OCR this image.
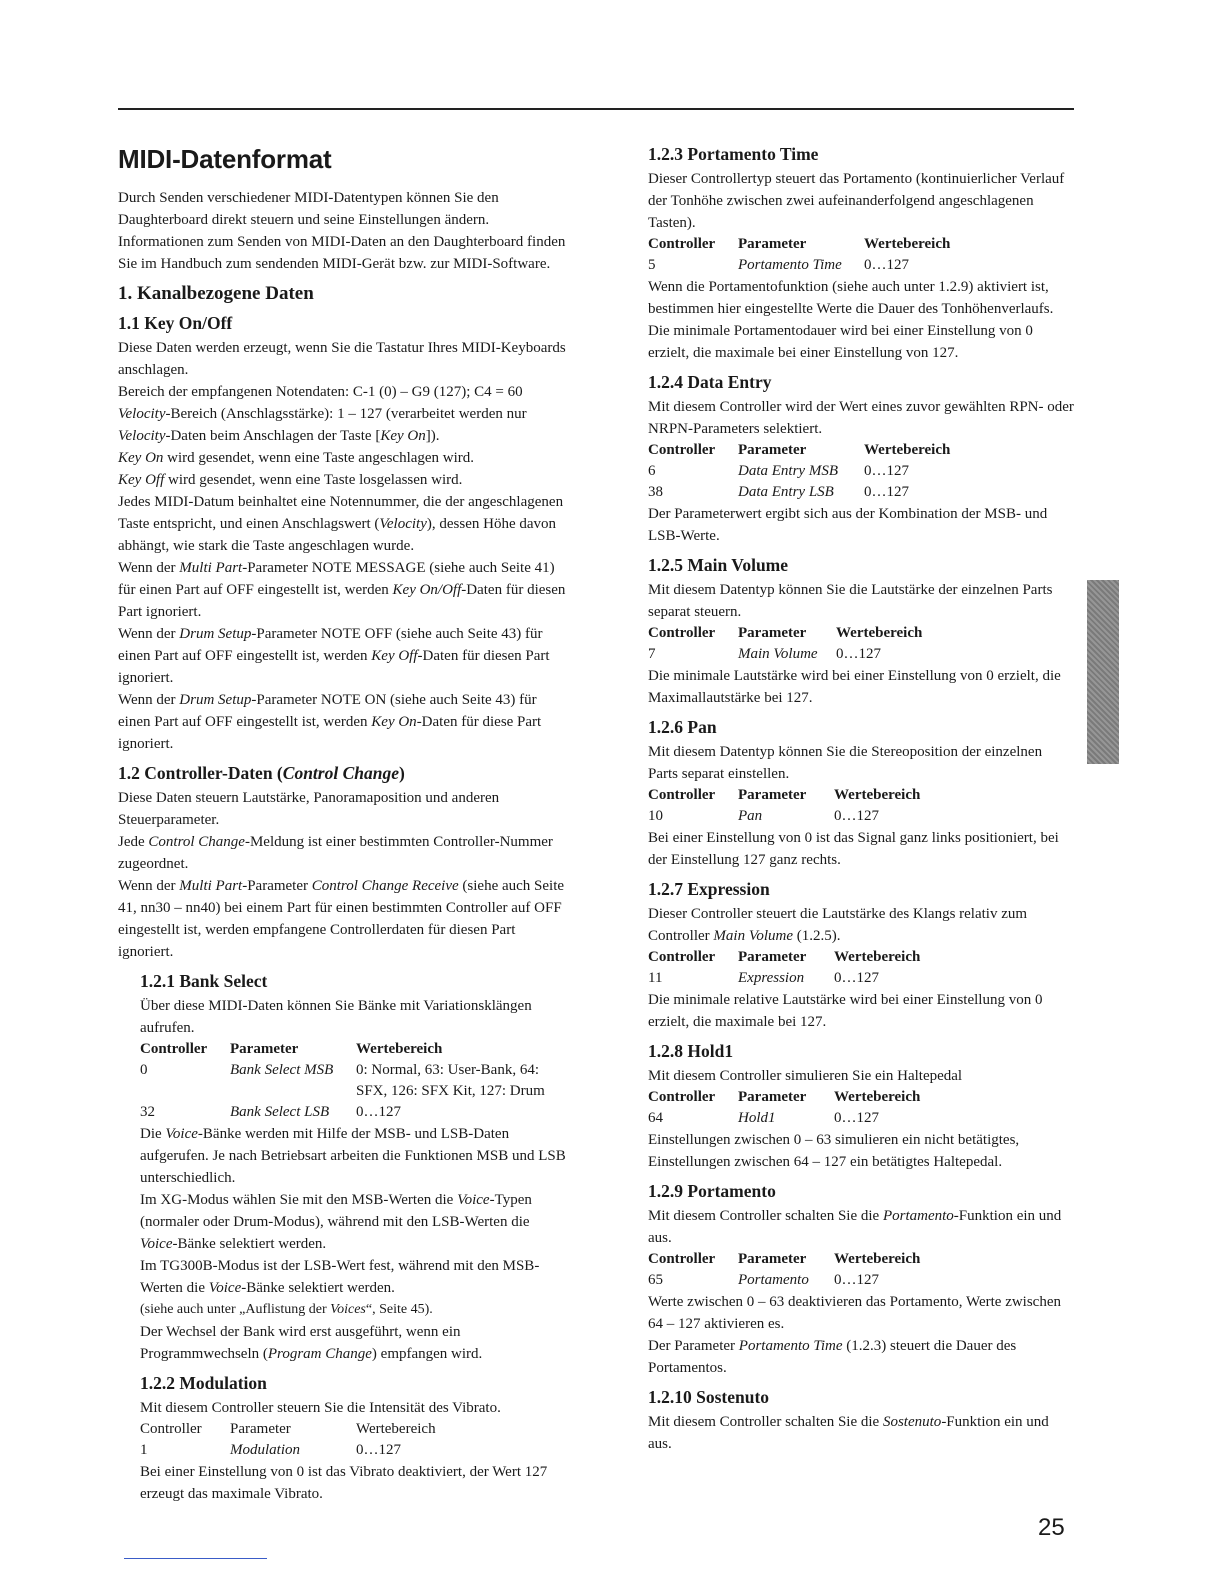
MIDI-Datenformat

Durch Senden verschiedener MIDI-Datentypen können Sie den Daughterboard direkt steuern und seine Einstellungen ändern.

Informationen zum Senden von MIDI-Daten an den Daughterboard finden Sie im Handbuch zum sendenden MIDI-Gerät bzw. zur MIDI-Software.

1. Kanalbezogene Daten
1.1 Key On/Off

Diese Daten werden erzeugt, wenn Sie die Tastatur Ihres MIDI-Keyboards anschlagen.

Bereich der empfangenen Notendaten: C-1 (0) – G9 (127); C4 = 60

Velocity-Bereich (Anschlagsstärke): 1 – 127 (verarbeitet werden nur Velocity-Daten beim Anschlagen der Taste [Key On]).

Key On wird gesendet, wenn eine Taste angeschlagen wird.

Key Off wird gesendet, wenn eine Taste losgelassen wird.

Jedes MIDI-Datum beinhaltet eine Notennummer, die der angeschlagenen Taste entspricht, und einen Anschlagswert (Velocity), dessen Höhe davon abhängt, wie stark die Taste angeschlagen wurde.

Wenn der Multi Part-Parameter NOTE MESSAGE (siehe auch Seite 41) für einen Part auf OFF eingestellt ist, werden Key On/Off-Daten für diesen Part ignoriert.

Wenn der Drum Setup-Parameter NOTE OFF (siehe auch Seite 43) für einen Part auf OFF eingestellt ist, werden Key Off-Daten für diesen Part ignoriert.

Wenn der Drum Setup-Parameter NOTE ON (siehe auch Seite 43) für einen Part auf OFF eingestellt ist, werden Key On-Daten für diese Part ignoriert.

1.2 Controller-Daten (Control Change)

Diese Daten steuern Lautstärke, Panoramaposition und anderen Steuerparameter.

Jede Control Change-Meldung ist einer bestimmten Controller-Nummer zugeordnet.

Wenn der Multi Part-Parameter Control Change Receive (siehe auch Seite 41, nn30 – nn40) bei einem Part für einen bestimmten Controller auf OFF eingestellt ist, werden empfangene Controllerdaten für diesen Part ignoriert.

1.2.1 Bank Select

Über diese MIDI-Daten können Sie Bänke mit Variationsklängen aufrufen.

Controller	Parameter	Wertebereich
0	Bank Select MSB	0: Normal, 63: User-Bank, 64: SFX, 126: SFX Kit, 127: Drum
32	Bank Select LSB	0…127

Die Voice-Bänke werden mit Hilfe der MSB- und LSB-Daten aufgerufen. Je nach Betriebsart arbeiten die Funktionen MSB und LSB unterschiedlich.

Im XG-Modus wählen Sie mit den MSB-Werten die Voice-Typen (normaler oder Drum-Modus), während mit den LSB-Werten die Voice-Bänke selektiert werden.

Im TG300B-Modus ist der LSB-Wert fest, während mit den MSB-Werten die Voice-Bänke selektiert werden.

(siehe auch unter „Auflistung der Voices“, Seite 45).

Der Wechsel der Bank wird erst ausgeführt, wenn ein Programmwechseln (Program Change) empfangen wird.

1.2.2 Modulation

Mit diesem Controller steuern Sie die Intensität des Vibrato.

Controller	Parameter	Wertebereich
1	Modulation	0…127

Bei einer Einstellung von 0 ist das Vibrato deaktiviert, der Wert 127 erzeugt das maximale Vibrato.

1.2.3 Portamento Time

Dieser Controllertyp steuert das Portamento (kontinuierlicher Verlauf der Tonhöhe zwischen zwei aufeinanderfolgend angeschlagenen Tasten).

Controller	Parameter	Wertebereich
5	Portamento Time	0…127

Wenn die Portamentofunktion (siehe auch unter 1.2.9) aktiviert ist, bestimmen hier eingestellte Werte die Dauer des Tonhöhenverlaufs.

Die minimale Portamentodauer wird bei einer Einstellung von 0 erzielt, die maximale bei einer Einstellung von 127.

1.2.4 Data Entry

Mit diesem Controller wird der Wert eines zuvor gewählten RPN- oder NRPN-Parameters selektiert.

Controller	Parameter	Wertebereich
6	Data Entry MSB	0…127
38	Data Entry LSB	0…127

Der Parameterwert ergibt sich aus der Kombination der MSB- und LSB-Werte.

1.2.5 Main Volume

Mit diesem Datentyp können Sie die Lautstärke der einzelnen Parts separat steuern.

Controller	Parameter	Wertebereich
7	Main Volume	0…127

Die minimale Lautstärke wird bei einer Einstellung von 0 erzielt, die Maximallautstärke bei 127.

1.2.6 Pan

Mit diesem Datentyp können Sie die Stereoposition der einzelnen Parts separat einstellen.

Controller	Parameter	Wertebereich
10	Pan	0…127

Bei einer Einstellung von 0 ist das Signal ganz links positioniert, bei der Einstellung 127 ganz rechts.

1.2.7 Expression

Dieser Controller steuert die Lautstärke des Klangs relativ zum Controller Main Volume (1.2.5).

Controller	Parameter	Wertebereich
11	Expression	0…127

Die minimale relative Lautstärke wird bei einer Einstellung von 0 erzielt, die maximale bei 127.

1.2.8 Hold1

Mit diesem Controller simulieren Sie ein Haltepedal

Controller	Parameter	Wertebereich
64	Hold1	0…127

Einstellungen zwischen 0 – 63 simulieren ein nicht betätigtes, Einstellungen zwischen 64 – 127 ein betätigtes Haltepedal.

1.2.9 Portamento

Mit diesem Controller schalten Sie die Portamento-Funktion ein und aus.

Controller	Parameter	Wertebereich
65	Portamento	0…127

Werte zwischen 0 – 63 deaktivieren das Portamento, Werte zwischen 64 – 127 aktivieren es.

Der Parameter Portamento Time (1.2.3) steuert die Dauer des Portamentos.

1.2.10 Sostenuto

Mit diesem Controller schalten Sie die Sostenuto-Funktion ein und aus.

25
